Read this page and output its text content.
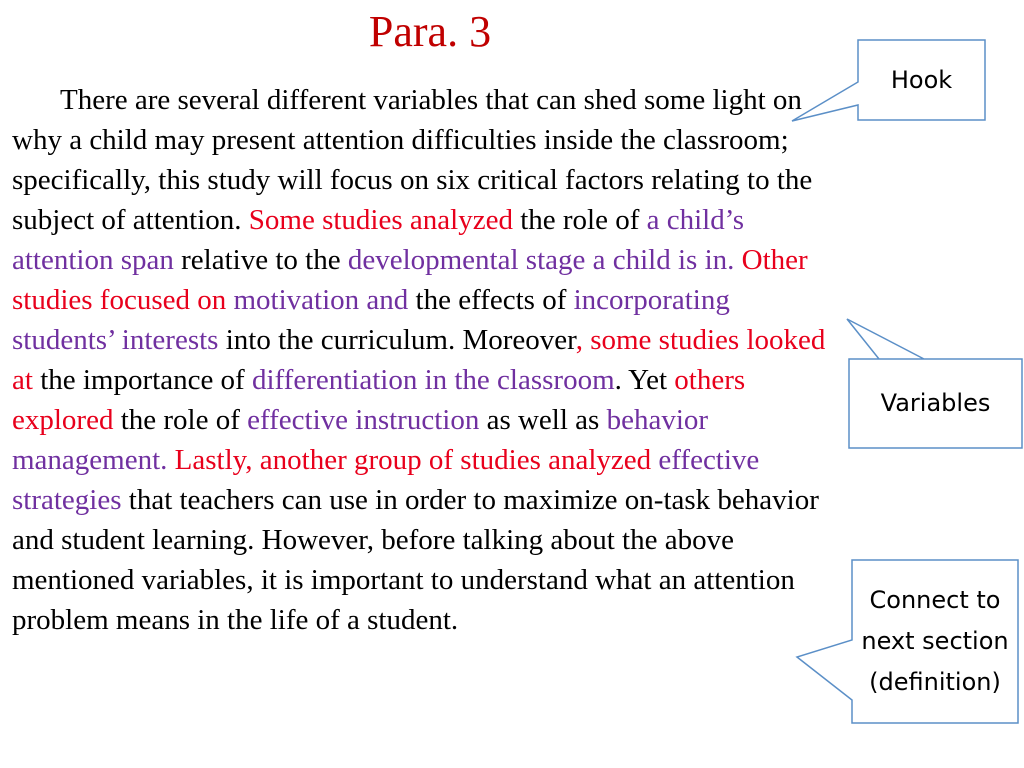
Para. 3

There are several different variables that can shed some light on why a child may present attention difficulties inside the classroom; specifically, this study will focus on six critical factors relating to the subject of attention. Some studies analyzed the role of a child’s attention span relative to the developmental stage a child is in. Other studies focused on motivation and the effects of incorporating students’ interests into the curriculum. Moreover, some studies looked at the importance of differentiation in the classroom. Yet others explored the role of effective instruction as well as behavior management. Lastly, another group of studies analyzed effective strategies that teachers can use in order to maximize on-task behavior and student learning. However, before talking about the above mentioned variables, it is important to understand what an attention problem means in the life of a student.

Hook
Variables
Connect to next section (definition)
